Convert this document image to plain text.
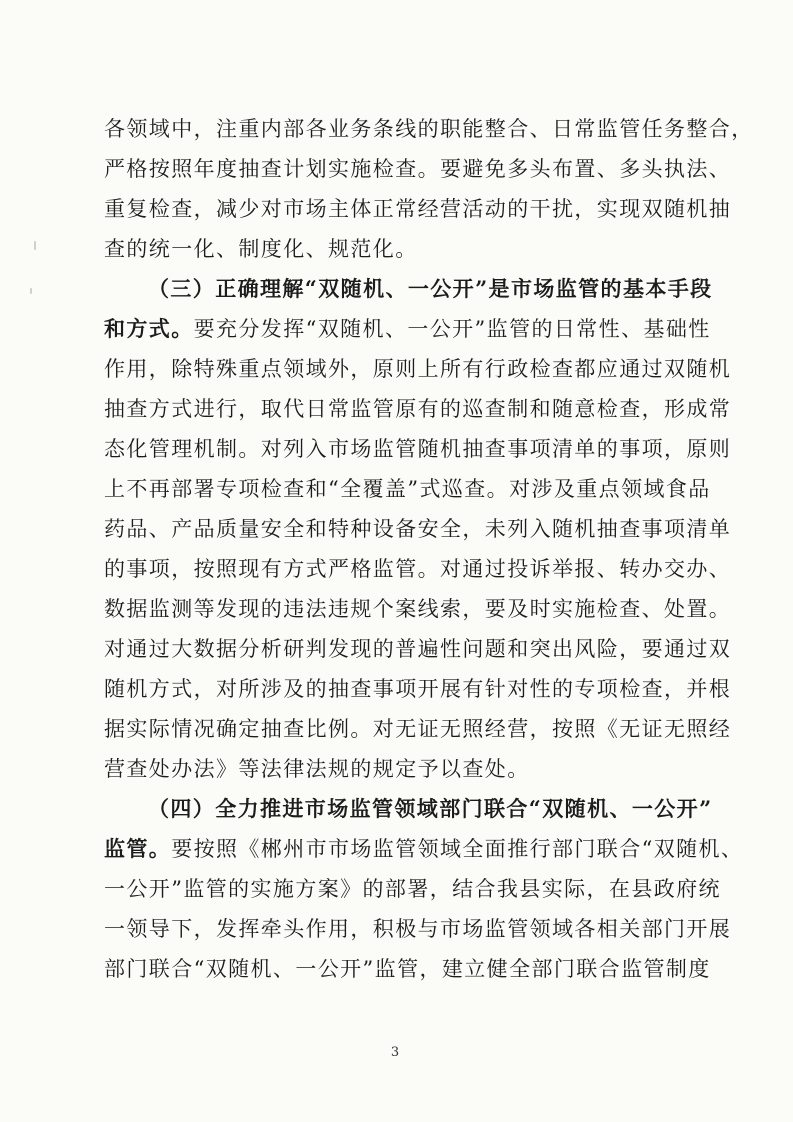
各领域中，注重内部各业务条线的职能整合、日常监管任务整合，
严格按照年度抽查计划实施检查。要避免多头布置、多头执法、
重复检查，减少对市场主体正常经营活动的干扰，实现双随机抽
查的统一化、制度化、规范化。
（三）正确理解“双随机、一公开”是市场监管的基本手段
和方式。要充分发挥“双随机、一公开”监管的日常性、基础性
作用，除特殊重点领域外，原则上所有行政检查都应通过双随机
抽查方式进行，取代日常监管原有的巡查制和随意检查，形成常
态化管理机制。对列入市场监管随机抽查事项清单的事项，原则
上不再部署专项检查和“全覆盖”式巡查。对涉及重点领域食品
药品、产品质量安全和特种设备安全，未列入随机抽查事项清单
的事项，按照现有方式严格监管。对通过投诉举报、转办交办、
数据监测等发现的违法违规个案线索，要及时实施检查、处置。
对通过大数据分析研判发现的普遍性问题和突出风险，要通过双
随机方式，对所涉及的抽查事项开展有针对性的专项检查，并根
据实际情况确定抽查比例。对无证无照经营，按照《无证无照经
营查处办法》等法律法规的规定予以查处。
（四）全力推进市场监管领域部门联合“双随机、一公开”
监管。要按照《郴州市市场监管领域全面推行部门联合“双随机、
一公开”监管的实施方案》的部署，结合我县实际，在县政府统
一领导下，发挥牵头作用，积极与市场监管领域各相关部门开展
部门联合“双随机、一公开”监管，建立健全部门联合监管制度
3
